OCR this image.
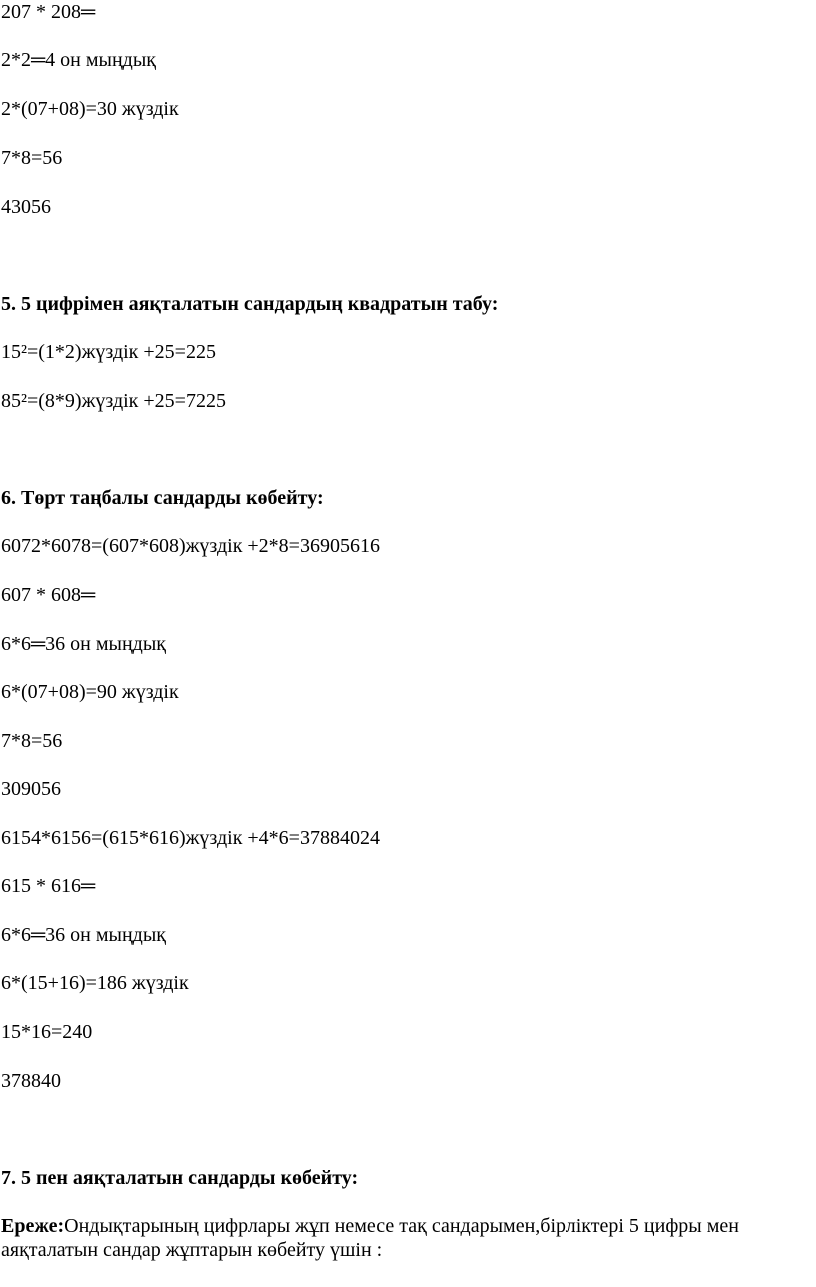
207 * 208═
2*2═4 он мыңдық
2*(07+08)=30 жүздік
7*8=56
43056
5. 5 цифрімен аяқталатын сандардың квадратын табу:
15²=(1*2)жүздік +25=225
85²=(8*9)жүздік +25=7225
6. Төрт таңбалы сандарды көбейту:
6072*6078=(607*608)жүздік +2*8=36905616
607 * 608═
6*6═36 он мыңдық
6*(07+08)=90 жүздік
7*8=56
309056
6154*6156=(615*616)жүздік +4*6=37884024
615 * 616═
6*6═36 он мыңдық
6*(15+16)=186 жүздік
15*16=240
378840
7. 5 пен аяқталатын сандарды көбейту:
Ереже:Ондықтарының цифрлары жұп немесе тақ сандарымен,бірліктері 5 цифры мен аяқталатын сандар жұптарын көбейту үшін :
